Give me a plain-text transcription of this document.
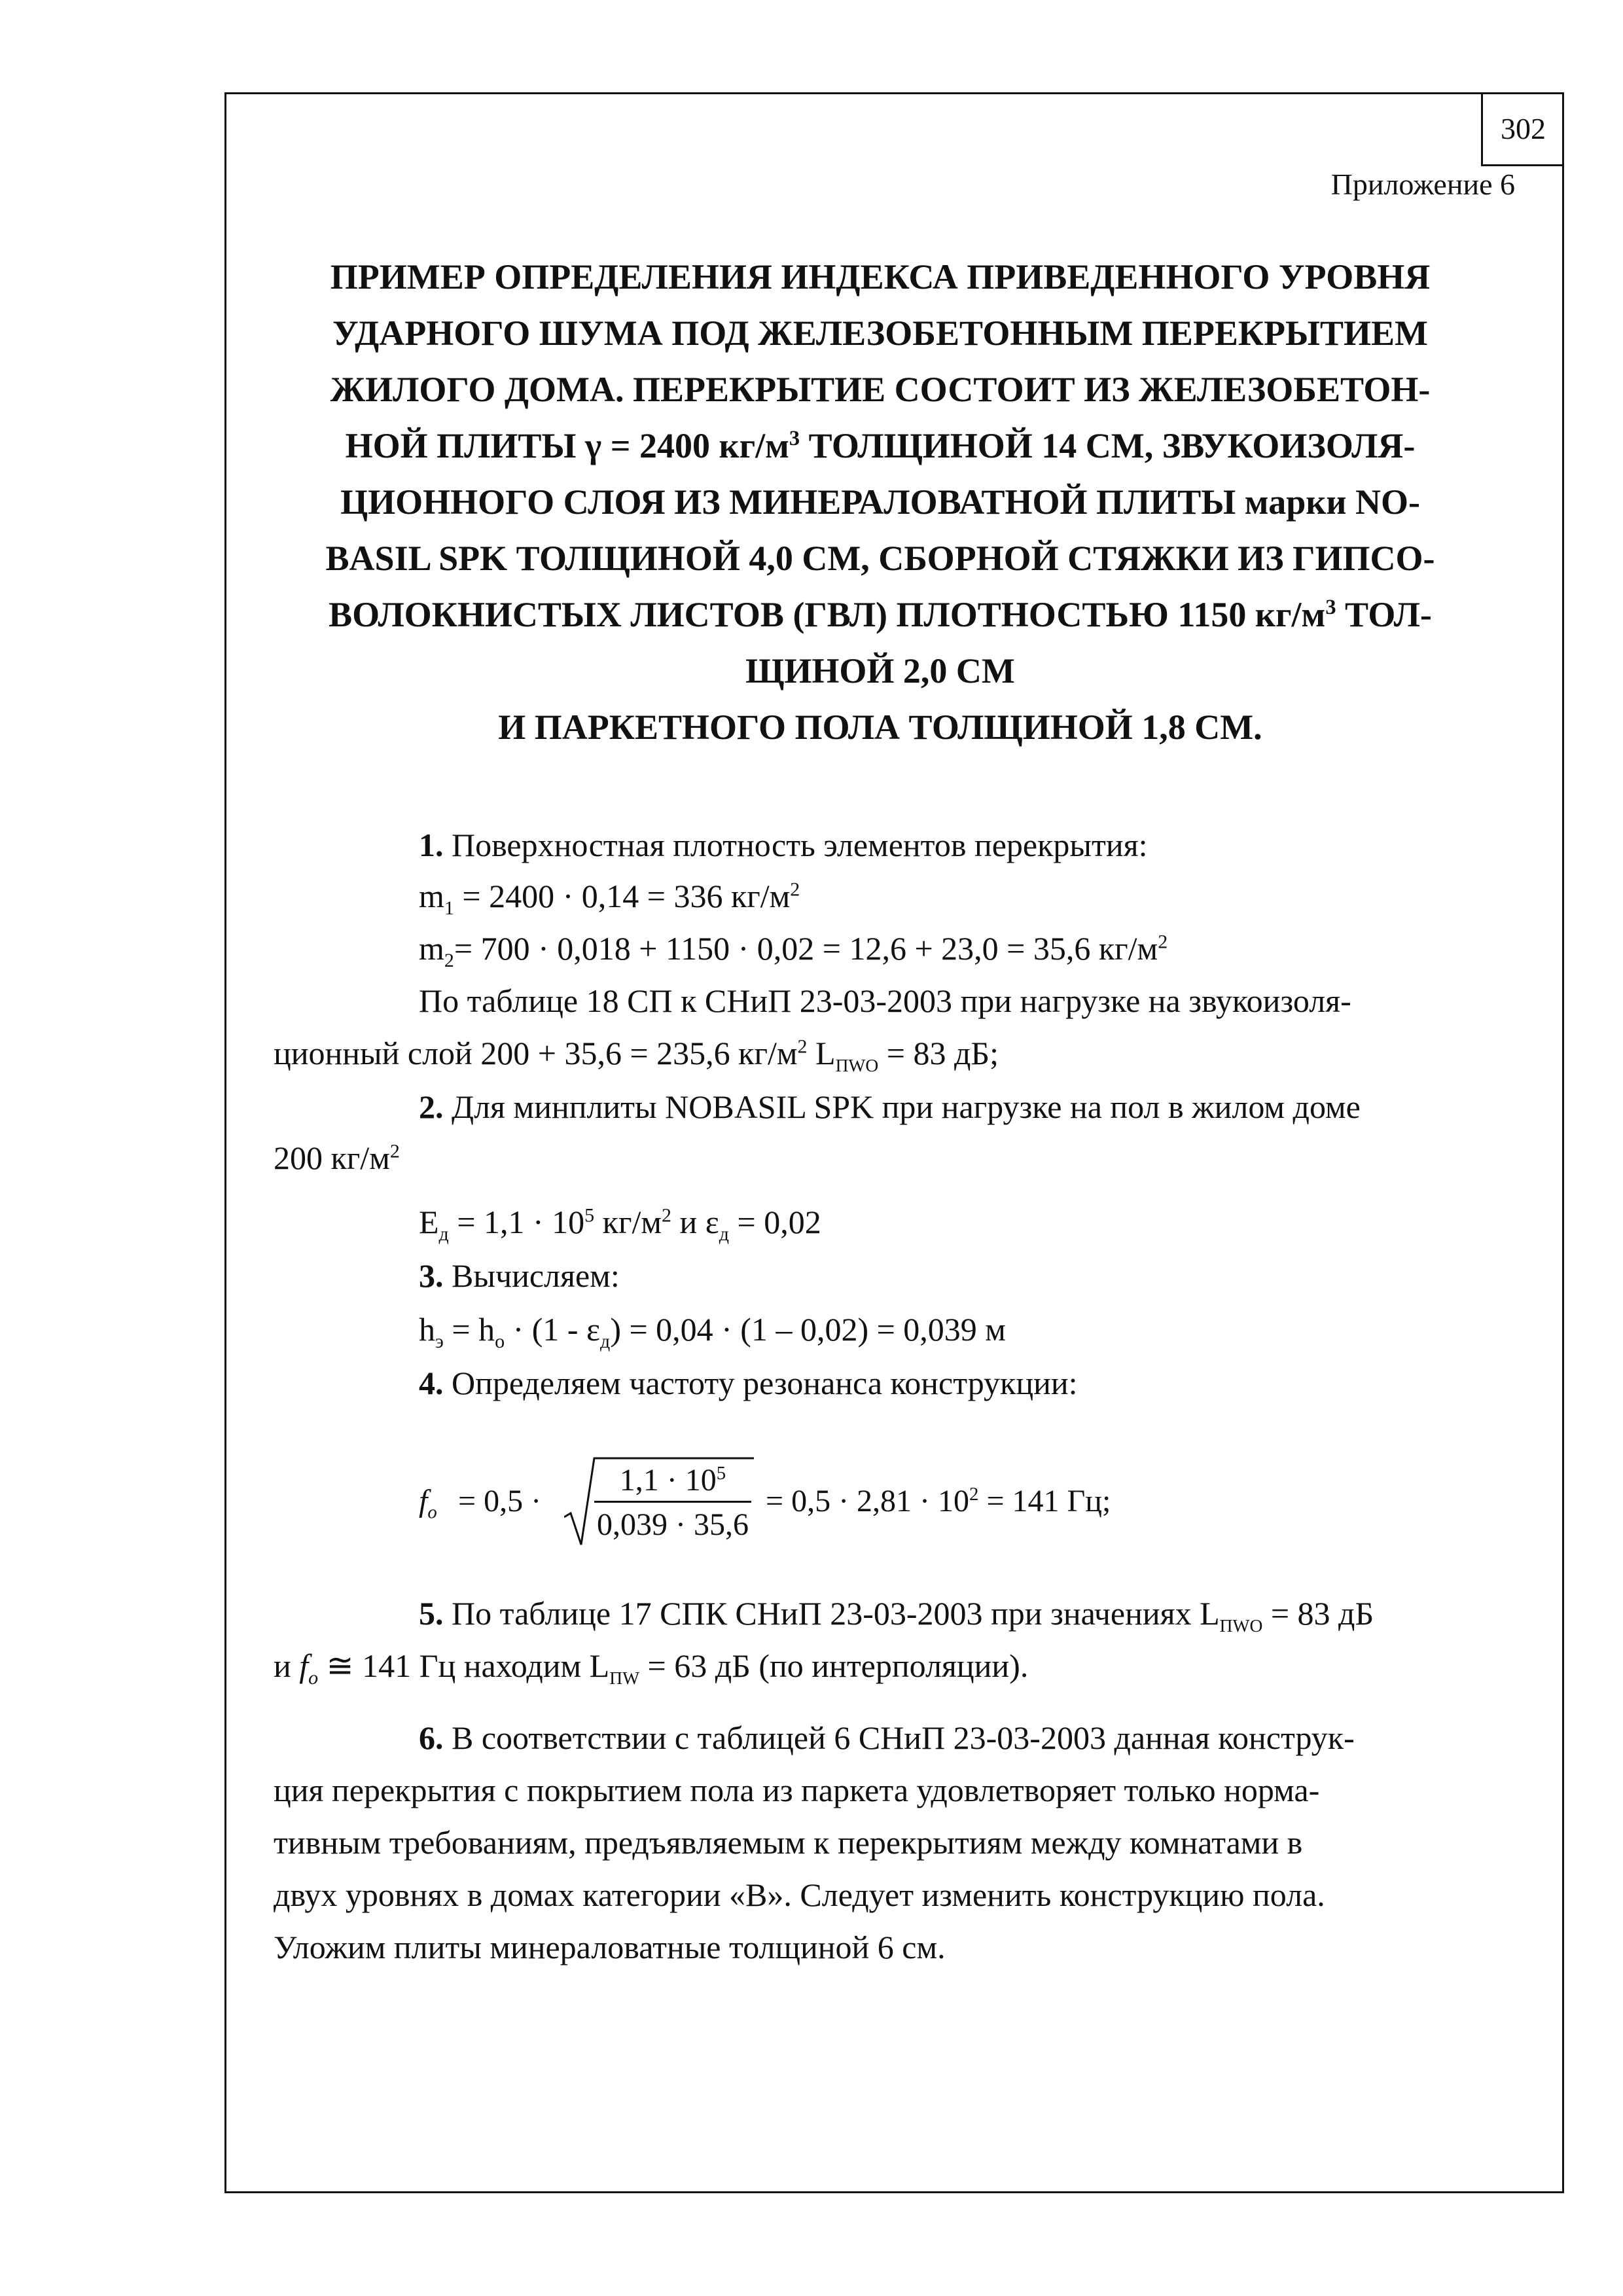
302
Приложение 6
ПРИМЕР ОПРЕДЕЛЕНИЯ ИНДЕКСА ПРИВЕДЕННОГО УРОВНЯ
УДАРНОГО ШУМА ПОД ЖЕЛЕЗОБЕТОННЫМ ПЕРЕКРЫТИЕМ
ЖИЛОГО ДОМА. ПЕРЕКРЫТИЕ СОСТОИТ ИЗ ЖЕЛЕЗОБЕТОН-
НОЙ ПЛИТЫ γ = 2400 $кг/м^3$ ТОЛЩИНОЙ 14 СМ, ЗВУКОИЗОЛЯ-
ЦИОННОГО СЛОЯ ИЗ МИНЕРАЛОВАТНОЙ ПЛИТЫ марки NO-
BASIL SPK ТОЛЩИНОЙ 4,0 СМ, СБОРНОЙ СТЯЖКИ ИЗ ГИПСО-
ВОЛОКНИСТЫХ ЛИСТОВ (ГВЛ) ПЛОТНОСТЬЮ 1150 $кг/м^3$ ТОЛ-
ЩИНОЙ 2,0 СМ
И ПАРКЕТНОГО ПОЛА ТОЛЩИНОЙ 1,8 СМ.
1. Поверхностная плотность элементов перекрытия:
$m_1 = 2400 \cdot 0,14 = 336$ $кг/м^2$
$m_2= 700 \cdot 0,018 + 1150 \cdot 0,02 = 12,6 + 23,0 = 35,6$ $кг/м^2$
По таблице 18 СП к СНиП 23-03-2003 при нагрузке на звукоизоля-
ционный слой 200 + 35,6 = 235,6 $кг/м^2$ $L_{ПWO} = 83$ дБ;
2. Для минплиты NOBASIL SPK при нагрузке на пол в жилом доме
200 $кг/м^2$
$E_д = 1,1 \cdot 10^5$ $кг/м^2$ и $\varepsilon_д = 0,02$
3. Вычисляем:
$h_э = h_o \cdot (1 - \varepsilon_д) = 0,04 \cdot (1 - 0,02) = 0,039$ м
4. Определяем частоту резонанса конструкции:
$f_o = 0,5 \cdot \frac{1,1 \cdot 10^5}{0,039 \cdot 35,6} = 0,5 \cdot 2,81 \cdot 10^2 = 141$ Гц;
5. По таблице 17 СПК СНиП 23-03-2003 при значениях $L_{ПWO} = 83$ дБ
и $f_o$ ≅ 141 Гц находим $L_{ПW} = 63$ дБ (по интерполяции).
6. В соответствии с таблицей 6 СНиП 23-03-2003 данная конструк-
ция перекрытия с покрытием пола из паркета удовлетворяет только норма-
тивным требованиям, предъявляемым к перекрытиям между комнатами в
двух уровнях в домах категории «В». Следует изменить конструкцию пола.
Уложим плиты минераловатные толщиной 6 см.
